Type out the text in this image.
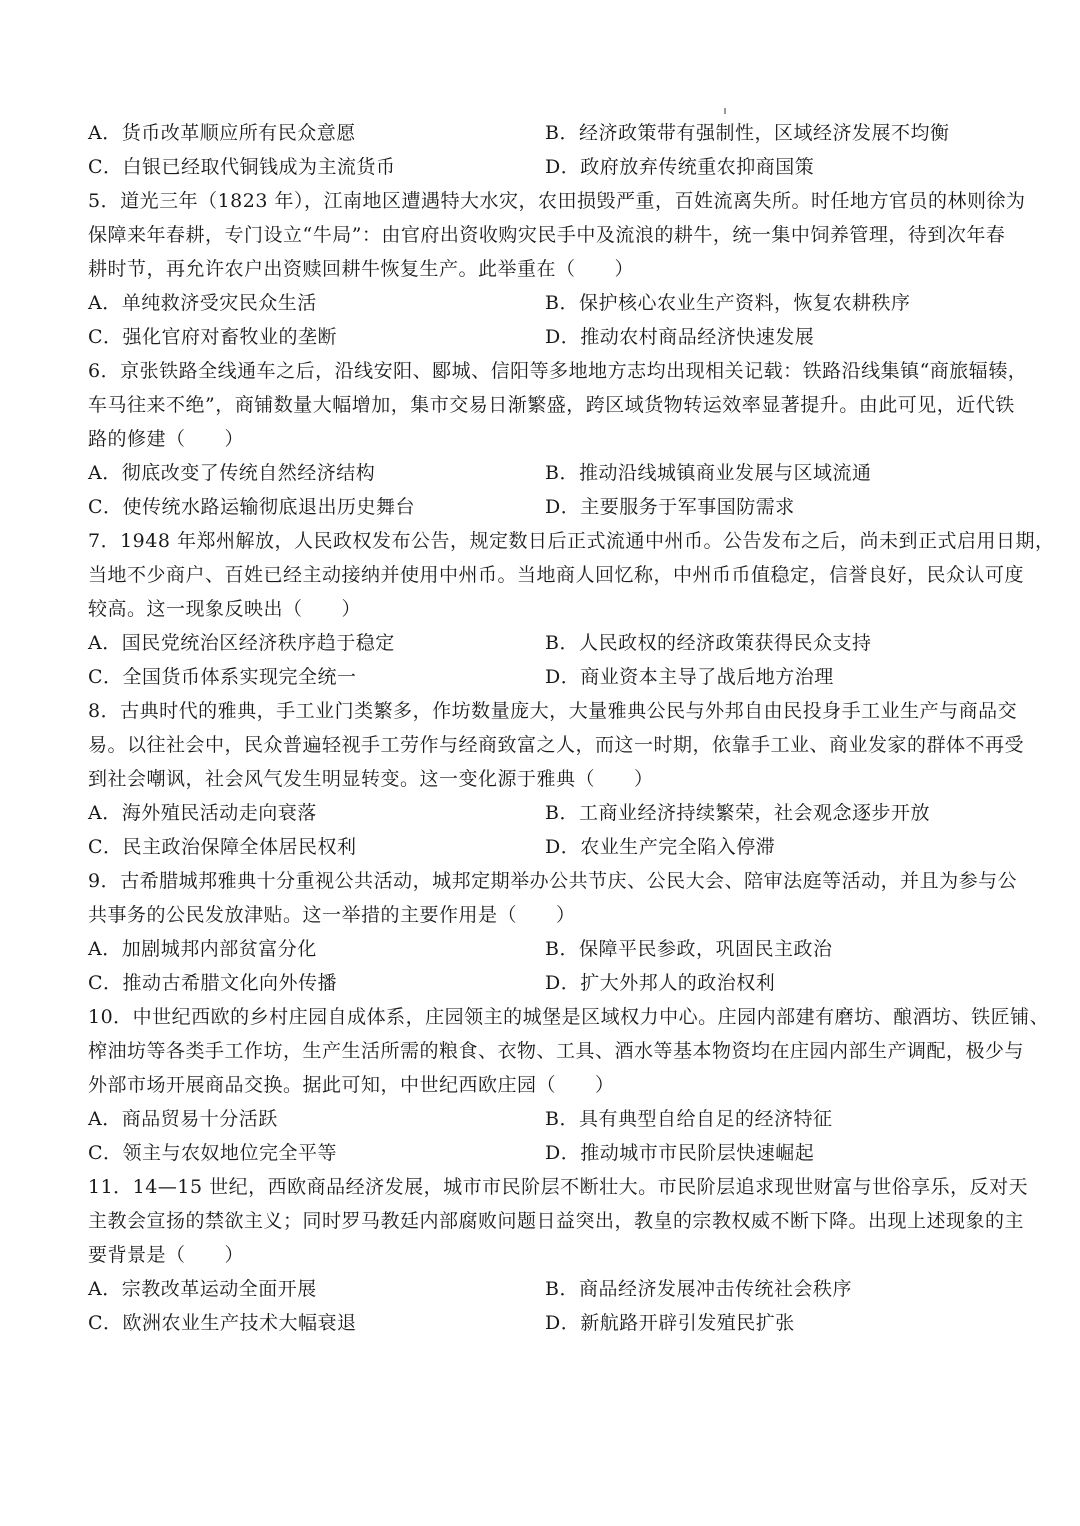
A．货币改革顺应所有民众意愿	B．经济政策带有强制性，区域经济发展不均衡
C．白银已经取代铜钱成为主流货币	D．政府放弃传统重农抑商国策
5．道光三年（1823 年），江南地区遭遇特大水灾，农田损毁严重，百姓流离失所。时任地方官员的林则徐为
保障来年春耕，专门设立“牛局”：由官府出资收购灾民手中及流浪的耕牛，统一集中饲养管理，待到次年春
耕时节，再允许农户出资赎回耕牛恢复生产。此举重在（　　）
A．单纯救济受灾民众生活	B．保护核心农业生产资料，恢复农耕秩序
C．强化官府对畜牧业的垄断	D．推动农村商品经济快速发展
6．京张铁路全线通车之后，沿线安阳、郾城、信阳等多地地方志均出现相关记载：铁路沿线集镇“商旅辐辏，
车马往来不绝”，商铺数量大幅增加，集市交易日渐繁盛，跨区域货物转运效率显著提升。由此可见，近代铁
路的修建（　　）
A．彻底改变了传统自然经济结构	B．推动沿线城镇商业发展与区域流通
C．使传统水路运输彻底退出历史舞台	D．主要服务于军事国防需求
7．1948 年郑州解放，人民政权发布公告，规定数日后正式流通中州币。公告发布之后，尚未到正式启用日期，
当地不少商户、百姓已经主动接纳并使用中州币。当地商人回忆称，中州币币值稳定，信誉良好，民众认可度
较高。这一现象反映出（　　）
A．国民党统治区经济秩序趋于稳定	B．人民政权的经济政策获得民众支持
C．全国货币体系实现完全统一	D．商业资本主导了战后地方治理
8．古典时代的雅典，手工业门类繁多，作坊数量庞大，大量雅典公民与外邦自由民投身手工业生产与商品交
易。以往社会中，民众普遍轻视手工劳作与经商致富之人，而这一时期，依靠手工业、商业发家的群体不再受
到社会嘲讽，社会风气发生明显转变。这一变化源于雅典（　　）
A．海外殖民活动走向衰落	B．工商业经济持续繁荣，社会观念逐步开放
C．民主政治保障全体居民权利	D．农业生产完全陷入停滞
9．古希腊城邦雅典十分重视公共活动，城邦定期举办公共节庆、公民大会、陪审法庭等活动，并且为参与公
共事务的公民发放津贴。这一举措的主要作用是（　　）
A．加剧城邦内部贫富分化	B．保障平民参政，巩固民主政治
C．推动古希腊文化向外传播	D．扩大外邦人的政治权利
10．中世纪西欧的乡村庄园自成体系，庄园领主的城堡是区域权力中心。庄园内部建有磨坊、酿酒坊、铁匠铺、
榨油坊等各类手工作坊，生产生活所需的粮食、衣物、工具、酒水等基本物资均在庄园内部生产调配，极少与
外部市场开展商品交换。据此可知，中世纪西欧庄园（　　）
A．商品贸易十分活跃	B．具有典型自给自足的经济特征
C．领主与农奴地位完全平等	D．推动城市市民阶层快速崛起
11．14—15 世纪，西欧商品经济发展，城市市民阶层不断壮大。市民阶层追求现世财富与世俗享乐，反对天
主教会宣扬的禁欲主义；同时罗马教廷内部腐败问题日益突出，教皇的宗教权威不断下降。出现上述现象的主
要背景是（　　）
A．宗教改革运动全面开展	B．商品经济发展冲击传统社会秩序
C．欧洲农业生产技术大幅衰退	D．新航路开辟引发殖民扩张
